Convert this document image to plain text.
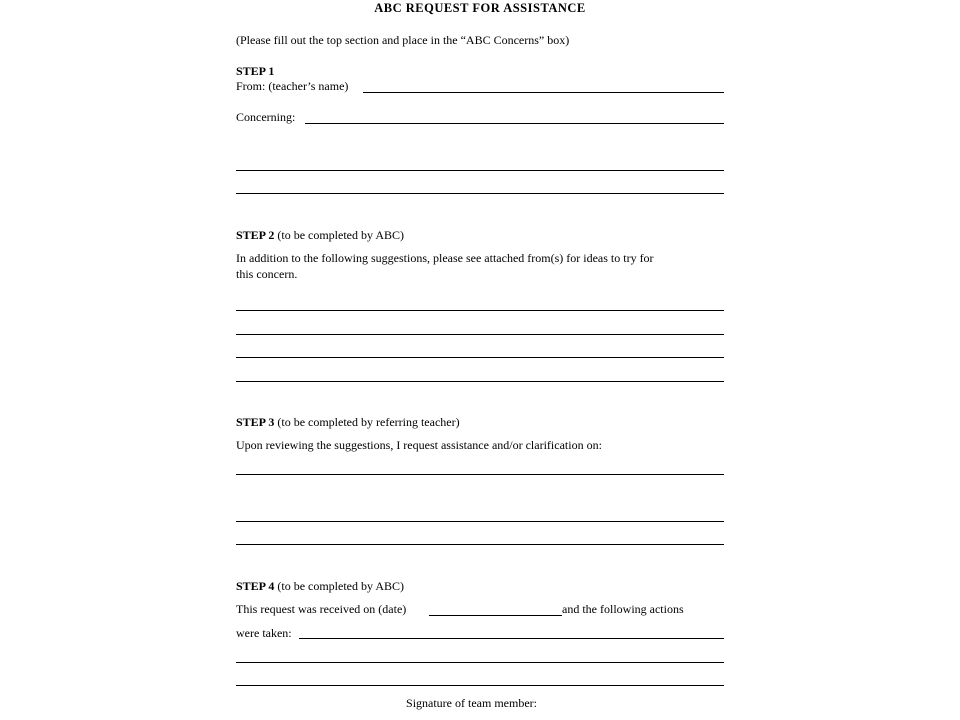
ABC REQUEST FOR ASSISTANCE
(Please fill out the top section and place in the “ABC Concerns” box)
STEP 1
From: (teacher’s name)
Concerning:
STEP 2 (to be completed by ABC)
In addition to the following suggestions, please see attached from(s) for ideas to try for
this concern.
STEP 3 (to be completed by referring teacher)
Upon reviewing the suggestions, I request assistance and/or clarification on:
STEP 4 (to be completed by ABC)
This request was received on (date)	and the following actions
were taken:
Signature of team member:
